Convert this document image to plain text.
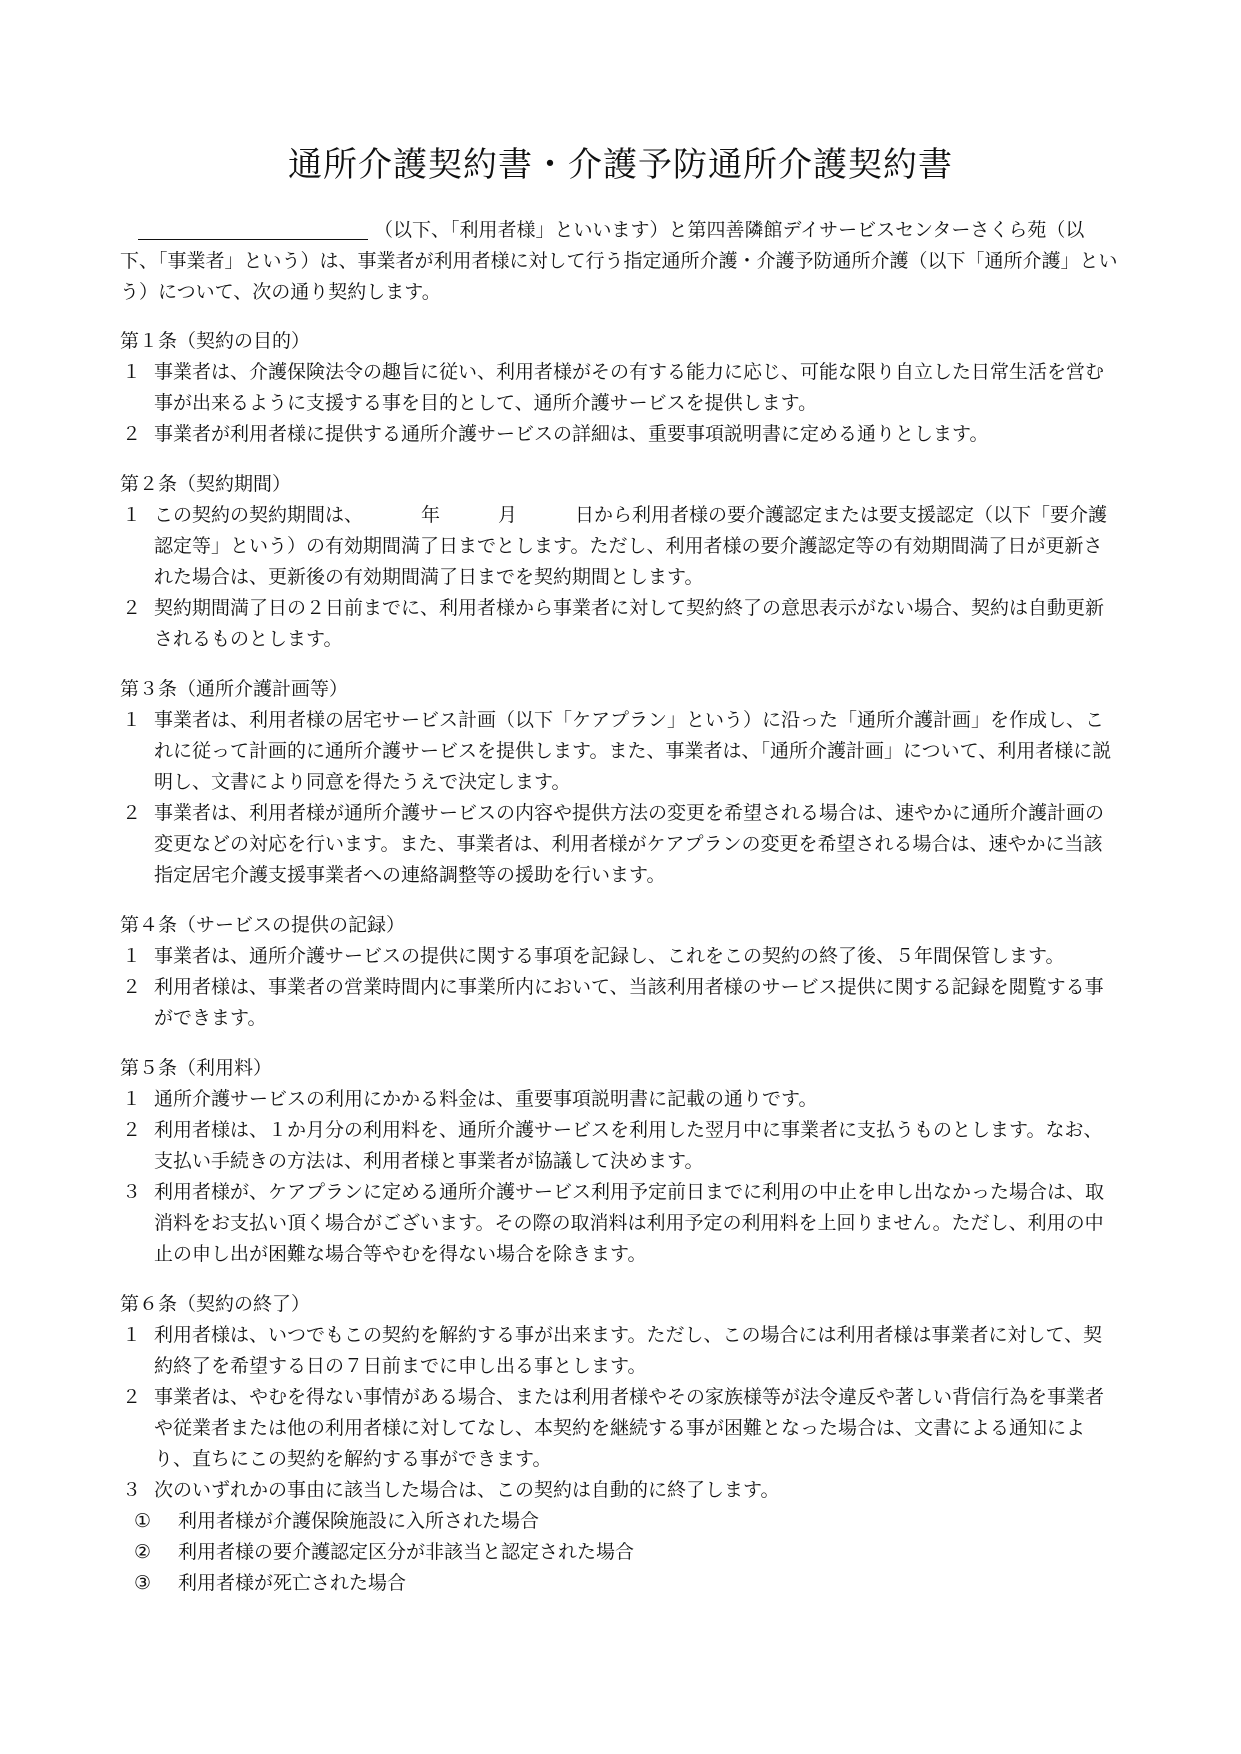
通所介護契約書・介護予防通所介護契約書

（以下、「利用者様」といいます）と第四善隣館デイサービスセンターさくら苑（以下、「事業者」という）は、事業者が利用者様に対して行う指定通所介護・介護予防通所介護（以下「通所介護」という）について、次の通り契約します。

第１条（契約の目的）

１ 事業者は、介護保険法令の趣旨に従い、利用者様がその有する能力に応じ、可能な限り自立した日常生活を営む事が出来るように支援する事を目的として、通所介護サービスを提供します。
２ 事業者が利用者様に提供する通所介護サービスの詳細は、重要事項説明書に定める通りとします。

第２条（契約期間）

１ この契約の契約期間は、	年	月	日から利用者様の要介護認定または要支援認定（以下「要介護認定等」という）の有効期間満了日までとします。ただし、利用者様の要介護認定等の有効期間満了日が更新された場合は、更新後の有効期間満了日までを契約期間とします。
２ 契約期間満了日の２日前までに、利用者様から事業者に対して契約終了の意思表示がない場合、契約は自動更新されるものとします。

第３条（通所介護計画等）

１ 事業者は、利用者様の居宅サービス計画（以下「ケアプラン」という）に沿った「通所介護計画」を作成し、これに従って計画的に通所介護サービスを提供します。また、事業者は、「通所介護計画」について、利用者様に説明し、文書により同意を得たうえで決定します。
２ 事業者は、利用者様が通所介護サービスの内容や提供方法の変更を希望される場合は、速やかに通所介護計画の変更などの対応を行います。また、事業者は、利用者様がケアプランの変更を希望される場合は、速やかに当該指定居宅介護支援事業者への連絡調整等の援助を行います。

第４条（サービスの提供の記録）

１ 事業者は、通所介護サービスの提供に関する事項を記録し、これをこの契約の終了後、５年間保管します。
２ 利用者様は、事業者の営業時間内に事業所内において、当該利用者様のサービス提供に関する記録を閲覧する事ができます。

第５条（利用料）

１ 通所介護サービスの利用にかかる料金は、重要事項説明書に記載の通りです。
２ 利用者様は、１か月分の利用料を、通所介護サービスを利用した翌月中に事業者に支払うものとします。なお、支払い手続きの方法は、利用者様と事業者が協議して決めます。
３ 利用者様が、ケアプランに定める通所介護サービス利用予定前日までに利用の中止を申し出なかった場合は、取消料をお支払い頂く場合がございます。その際の取消料は利用予定の利用料を上回りません。ただし、利用の中止の申し出が困難な場合等やむを得ない場合を除きます。

第６条（契約の終了）

１ 利用者様は、いつでもこの契約を解約する事が出来ます。ただし、この場合には利用者様は事業者に対して、契約終了を希望する日の７日前までに申し出る事とします。
２ 事業者は、やむを得ない事情がある場合、または利用者様やその家族様等が法令違反や著しい背信行為を事業者や従業者または他の利用者様に対してなし、本契約を継続する事が困難となった場合は、文書による通知により、直ちにこの契約を解約する事ができます。
３ 次のいずれかの事由に該当した場合は、この契約は自動的に終了します。
①	利用者様が介護保険施設に入所された場合
②	利用者様の要介護認定区分が非該当と認定された場合
③	利用者様が死亡された場合
